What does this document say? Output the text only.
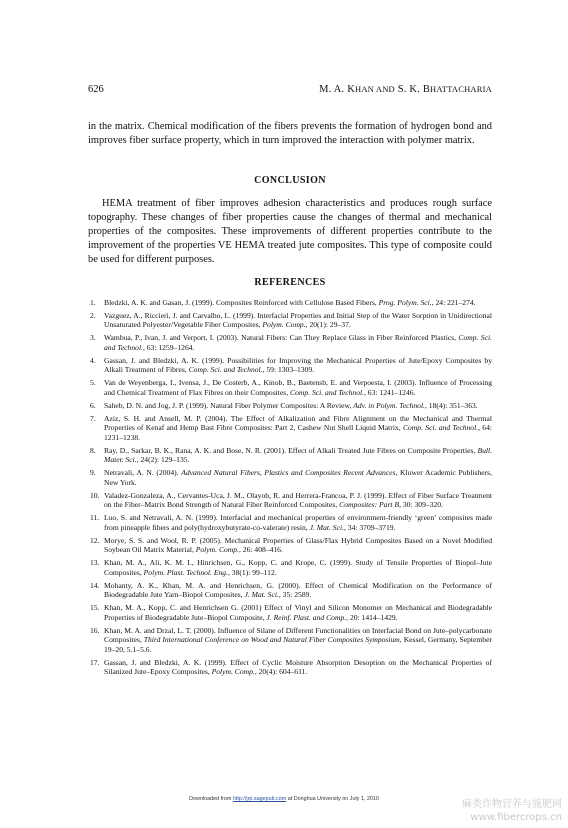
626	M. A. KHAN AND S. K. BHATTACHARIA

in the matrix. Chemical modification of the fibers prevents the formation of hydrogen bond and improves fiber surface property, which in turn improved the interaction with polymer matrix.

CONCLUSION

HEMA treatment of fiber improves adhesion characteristics and produces rough surface topography. These changes of fiber properties cause the changes of thermal and mechanical properties of the composites. These improvements of different properties contribute to the improvement of the properties VE HEMA treated jute composites. This type of composite could be used for different purposes.

REFERENCES
1. Bledzki, A. K. and Gasan, J. (1999). Composites Reinforced with Cellulose Based Fibers, Prog. Polym. Sci., 24: 221–274.
2. Vazguez, A., Riccieri, J. and Carvalho, L. (1999). Interfacial Properties and Initial Step of the Water Sorption in Unidirectional Unsaturated Polyester/Vegetable Fiber Composites, Polym. Comp., 20(1): 29–37.
3. Wambua, P., Ivan, J. and Verport, I. (2003). Natural Fibers: Can They Replace Glass in Fiber Reinforced Plastics, Comp. Sci. and Technol., 63: 1259–1264.
4. Gassan, J. and Bledzki, A. K. (1999). Possibilities for Improving the Mechanical Properties of Jute/Epoxy Composites by Alkali Treatment of Fibres, Comp. Sci. and Technol., 59: 1303–1309.
5. Van de Weyenberga, I., Ivensa, J., De Costerb, A., Kinob, B., Baetensb, E. and Verpoesta, I. (2003). Influence of Processing and Chemical Treatment of Flax Fibres on their Composites, Comp. Sci. and Technol., 63: 1241–1246.
6. Saheb, D. N. and Jog, J. P. (1999). Natural Fiber Polymer Composites: A Review, Adv. in Polym. Technol., 18(4): 351–363.
7. Aziz, S. H. and Ansell, M. P. (2004). The Effect of Alkalization and Fibre Alignment on the Mechanical and Thermal Properties of Kenaf and Hemp Bast Fibre Composites: Part 2, Cashew Nut Shell Liquid Matrix, Comp. Sci. and Technol., 64: 1231–1238.
8. Ray, D., Sarkar, B. K., Rana, A. K. and Bose, N. R. (2001). Effect of Alkali Treated Jute Fibres on Composite Properties, Bull. Mater. Sci., 24(2): 129–135.
9. Netravali, A. N. (2004). Advanced Natural Fibers, Plastics and Composites Recent Advances, Kluwer Academic Publishers, New York.
10. Valadez-Gonzaleza, A., Cervantes-Uca, J. M., Olayob, R. and Herrera-Francoa, P. J. (1999). Effect of Fiber Surface Treatment on the Fiber–Matrix Bond Strength of Natural Fiber Reinforced Composites, Composites: Part B, 30: 309–320.
11. Luo, S. and Netravali, A. N. (1999). Interfacial and mechanical properties of environment-friendly ‘green’ composites made from pineapple fibers and poly(hydroxybutyrate-co-valerate) resin, J. Mat. Sci., 34: 3709–3719.
12. Morye, S. S. and Wool, R. P. (2005). Mechanical Properties of Glass/Flax Hybrid Composites Based on a Novel Modified Soybean Oil Matrix Material, Polym. Comp., 26: 408–416.
13. Khan, M. A., Ali, K. M. I., Hinrichsen, G., Kopp, C. and Krope, C. (1999). Study of Tensile Properties of Biopol–Jute Composites, Polym. Plast. Technol. Eng., 38(1): 99–112.
14. Mohanty, A. K., Khan, M. A. and Henrichsen, G. (2000). Effect of Chemical Modification on the Performance of Biodegradable Jute Yarn–Biopol Composites, J. Mat. Sci., 35: 2589.
15. Khan, M. A., Kopp, C. and Henrichsen G. (2001) Effect of Vinyl and Silicon Monomer on Mechanical and Biodegradable Properties of Biodegradable Jute–Biopol Composite, J. Reinf. Plast. and Comp., 20: 1414–1429.
16. Khan, M. A. and Drzal, L. T. (2000). Influence of Silane of Different Functionalities on Interfacial Bond on Jute–polycarbonate Composites, Third International Conference on Wood and Natural Fiber Composites Symposium, Kessel, Germany, September 19–20, 5.1–5.6.
17. Gassan, J. and Bledzki, A. K. (1999). Effect of Cyclic Moisture Absorption Desoption on the Mechanical Properties of Silanized Jute–Epoxy Composites, Polym. Comp., 20(4): 604–611.
Downloaded from http://jrp.sagepub.com at Donghua University on July 1, 2010	麻类作物营养与施肥网
www.fibercrops.cn
